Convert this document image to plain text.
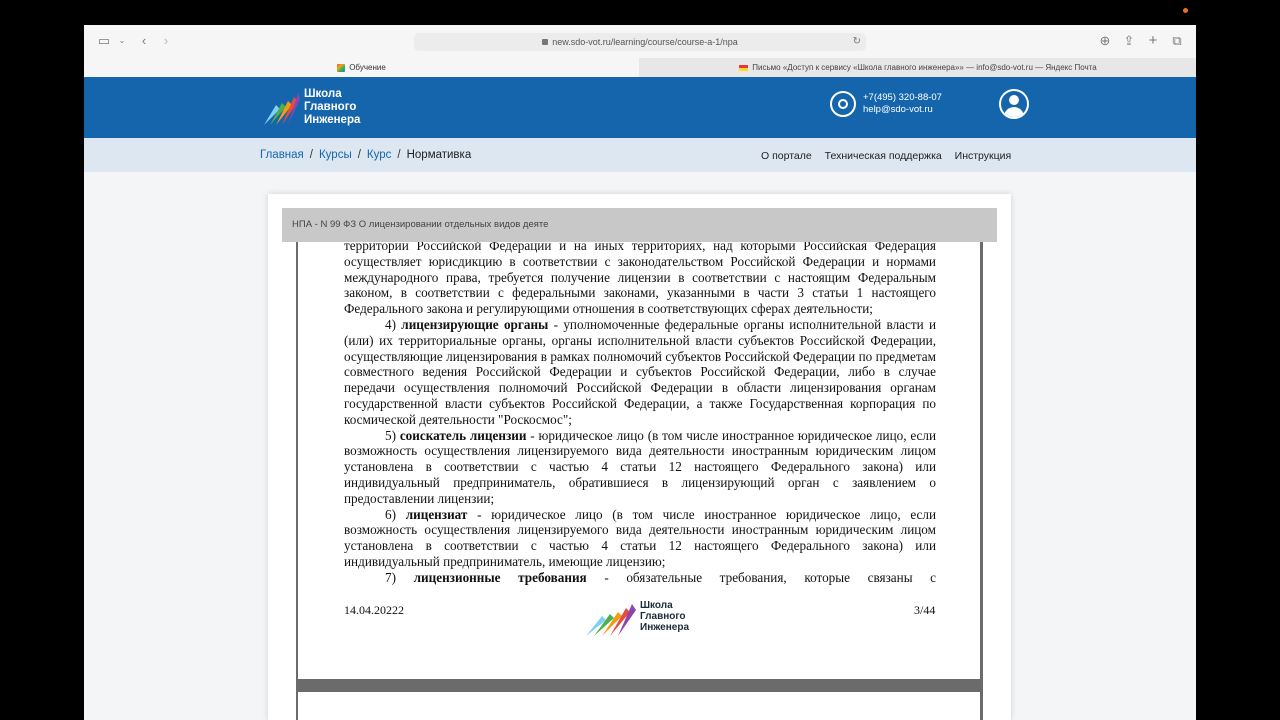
▭	⌄	‹	›	new.sdo-vot.ru/learning/course/course-a-1/npa	↻	⊕ ⇪ + ⧉
Обучение	Письмо «Доступ к сервису «Школа главного инженера»» — info@sdo-vot.ru — Яндекс Почта
Школа
Главного
Инженера
+7(495) 320-88-07
help@sdo-vot.ru
Главная / Курсы / Курс / Нормативка	О портале Техническая поддержка Инструкция
НПА - N 99 ФЗ О лицензировании отдельных видов деяте

территории Российской Федерации и на иных территориях, над которыми Российская Федерация осуществляет юрисдикцию в соответствии с законодательством Российской Федерации и нормами международного права, требуется получение лицензии в соответствии с настоящим Федеральным законом, в соответствии с федеральными законами, указанными в части 3 статьи 1 настоящего Федерального закона и регулирующими отношения в соответствующих сферах деятельности;

4) лицензирующие органы - уполномоченные федеральные органы исполнительной власти и (или) их территориальные органы, органы исполнительной власти субъектов Российской Федерации, осуществляющие лицензирования в рамках полномочий субъектов Российской Федерации по предметам совместного ведения Российской Федерации и субъектов Российской Федерации, либо в случае передачи осуществления полномочий Российской Федерации в области лицензирования органам государственной власти субъектов Российской Федерации, а также Государственная корпорация по космической деятельности "Роскосмос";

5) соискатель лицензии - юридическое лицо (в том числе иностранное юридическое лицо, если возможность осуществления лицензируемого вида деятельности иностранным юридическим лицом установлена в соответствии с частью 4 статьи 12 настоящего Федерального закона) или индивидуальный предприниматель, обратившиеся в лицензирующий орган с заявлением о предоставлении лицензии;

6) лицензиат - юридическое лицо (в том числе иностранное юридическое лицо, если возможность осуществления лицензируемого вида деятельности иностранным юридическим лицом установлена в соответствии с частью 4 статьи 12 настоящего Федерального закона) или индивидуальный предприниматель, имеющие лицензию;

7) лицензионные требования - обязательные требования, которые связаны с

14.04.20222	Школа
Главного
Инженера
3/44
